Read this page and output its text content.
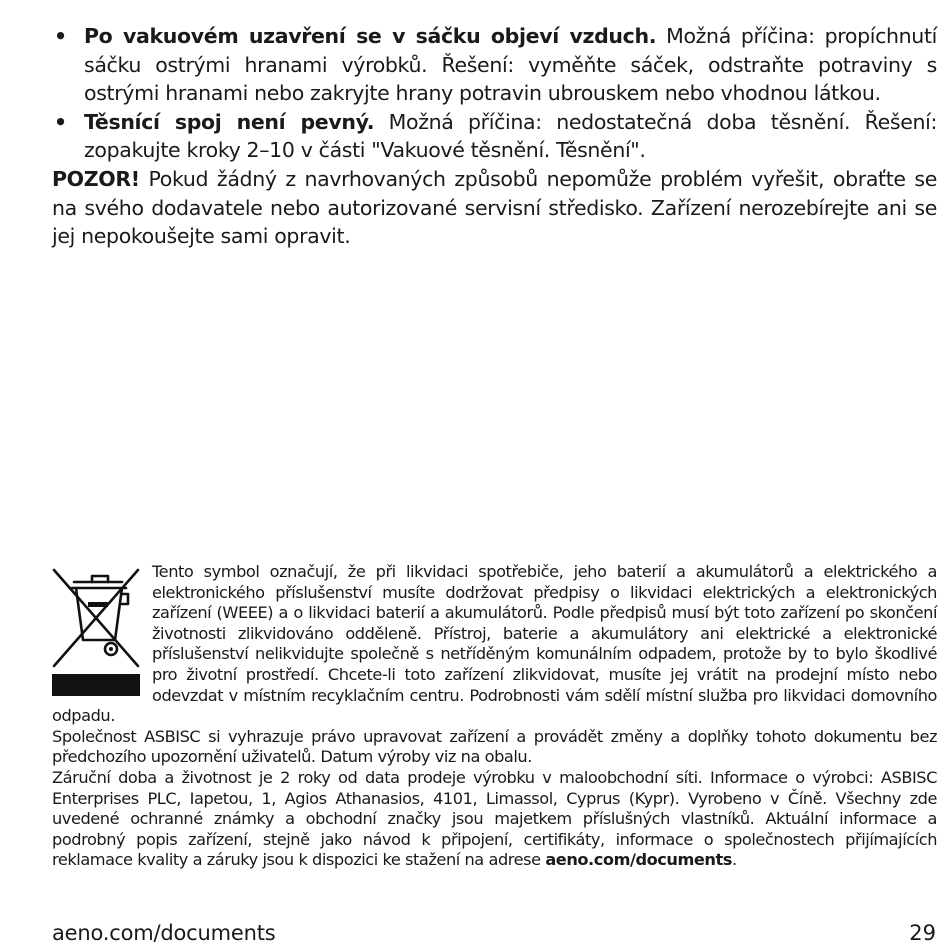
• Po vakuovém uzavření se v sáčku objeví vzduch. Možná příčina: propíchnutí sáčku ostrými hranami výrobků. Řešení: vyměňte sáček, odstraňte potraviny s ostrými hranami nebo zakryjte hrany potravin ubrouskem nebo vhodnou látkou.
• Těsnící spoj není pevný. Možná příčina: nedostatečná doba těsnění. Řešení: zopakujte kroky 2–10 v části "Vakuové těsnění. Těsnění".

POZOR! Pokud žádný z navrhovaných způsobů nepomůže problém vyřešit, obraťte se na svého dodavatele nebo autorizované servisní středisko. Zařízení nerozebírejte ani se jej nepokoušejte sami opravit.

Tento symbol označují, že při likvidaci spotřebiče, jeho baterií a akumulátorů a elektrického a elektronického příslušenství musíte dodržovat předpisy o likvidaci elektrických a elektronických zařízení (WEEE) a o likvidaci baterií a akumulátorů. Podle předpisů musí být toto zařízení po skončení životnosti zlikvidováno odděleně. Přístroj, baterie a akumulátory ani elektrické a elektronické příslušenství nelikvidujte společně s netříděným komunálním odpadem, protože by to bylo škodlivé pro životní prostředí. Chcete-li toto zařízení zlikvidovat, musíte jej vrátit na prodejní místo nebo odevzdat v místním recyklačním centru. Podrobnosti vám sdělí místní služba pro likvidaci domovního odpadu.

Společnost ASBISC si vyhrazuje právo upravovat zařízení a provádět změny a doplňky tohoto dokumentu bez předchozího upozornění uživatelů. Datum výroby viz na obalu.

Záruční doba a životnost je 2 roky od data prodeje výrobku v maloobchodní síti. Informace o výrobci: ASBISC Enterprises PLC, Iapetou, 1, Agios Athanasios, 4101, Limassol, Cyprus (Kypr). Vyrobeno v Číně. Všechny zde uvedené ochranné známky a obchodní značky jsou majetkem příslušných vlastníků. Aktuální informace a podrobný popis zařízení, stejně jako návod k připojení, certifikáty, informace o společnostech přijímajících reklamace kvality a záruky jsou k dispozici ke stažení na adrese aeno.com/documents.

aeno.com/documents	29
